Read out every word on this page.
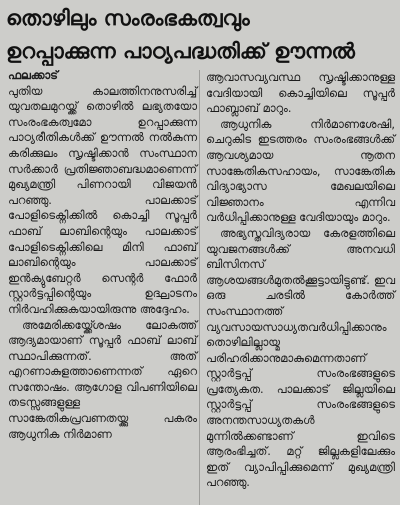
തൊഴിലും സംരംഭകത്വവും
ഉറപ്പാക്കുന്ന പാഠ്യപദ്ധതിക്ക് ഊന്നൽ

ഫലക്കാട്

പുതിയ കാലത്തിനനുസരിച്ച് യുവതലമുറയ്ക്ക് തൊഴിൽ ലഭ്യതയോ സംരംഭകത്വമോ ഉറപ്പാക്കുന്ന പാഠ്യരീതികൾക്ക് ഊന്നൽ നൽകുന്ന കരിക്കുലം സൃഷ്ടിക്കാൻ സംസ്ഥാന സർക്കാർ പ്രതിജ്ഞാബദ്ധമാണെന്ന് മുഖ്യമന്ത്രി പിണറായി വിജയൻ പറഞ്ഞു. പാലക്കാട് പോളിടെക്നിക്കിൽ കൊച്ചി സൂപ്പർ ഫാബ് ലാബിന്റെയും പാലക്കാട് പോളിടെക്നിക്കിലെ മിനി ഫാബ് ലാബിന്റെയും പാലക്കാട് ഇൻക്യുബേറ്റർ സെന്റർ ഫോർ സ്റ്റാർട്ടപ്പിന്റെയും ഉദ്ഘാടനം നിർവഹിക്കുകയായിരുന്നു അദ്ദേഹം.

അമേരിക്കയ്ക്ക്ശേഷം ലോകത്ത് ആദ്യമായാണ് സൂപ്പർ ഫാബ് ലാബ് സ്ഥാപിക്കുന്നത്. അത് എറണാകുളത്താണെന്നത് ഏറെ സന്തോഷം. ആഗോള വിപണിയിലെ തടസ്സങ്ങളുള്ള സാങ്കേതികപ്രവണതയ്ക്കു പകരം ആധുനിക നിർമാണ

ആവാസവ്യവസ്ഥ സൃഷ്ടിക്കാനുള്ള വേദിയായി കൊച്ചിയിലെ സൂപ്പർ ഫാബ്ലാബ് മാറും.

ആധുനിക നിർമാണശേഷി, ചെറുകിട ഇടത്തരം സംരംഭങ്ങൾക്ക് ആവശ്യമായ നൂതന സാങ്കേതികസഹായം, സാങ്കേതിക വിദ്യാഭ്യാസ മേഖലയിലെ വിജ്ഞാനം എന്നിവ വർധിപ്പിക്കാനുള്ള വേദിയായും മാറും.

അഭ്യസ്തവിദ്യരായ കേരളത്തിലെ യുവജനങ്ങൾക്ക് അനവധി ബിസിനസ് ആശയങ്ങൾമുതൽക്കൂട്ടായിട്ടുണ്ട്. ഇവ ഒരു ചരടിൽ കോർത്ത് സംസ്ഥാനത്ത് വ്യവസായസാധ്യതവർധിപ്പിക്കാനും തൊഴിലില്ലായ്മ പരിഹരിക്കാനുമാകുമെന്നതാണ് സ്റ്റാർട്ടപ്പ് സംരംഭങ്ങളുടെ പ്രത്യേകത. പാലക്കാട് ജില്ലയിലെ സ്റ്റാർട്ടപ്പ് സംരംഭങ്ങളുടെ അനന്തസാധ്യതകൾ മുന്നിൽക്കണ്ടാണ് ഇവിടെ ആരംഭിച്ചത്. മറ്റ് ജില്ലകളിലേക്കും ഇത് വ്യാപിപ്പിക്കുമെന്ന് മുഖ്യമന്ത്രി പറഞ്ഞു.
